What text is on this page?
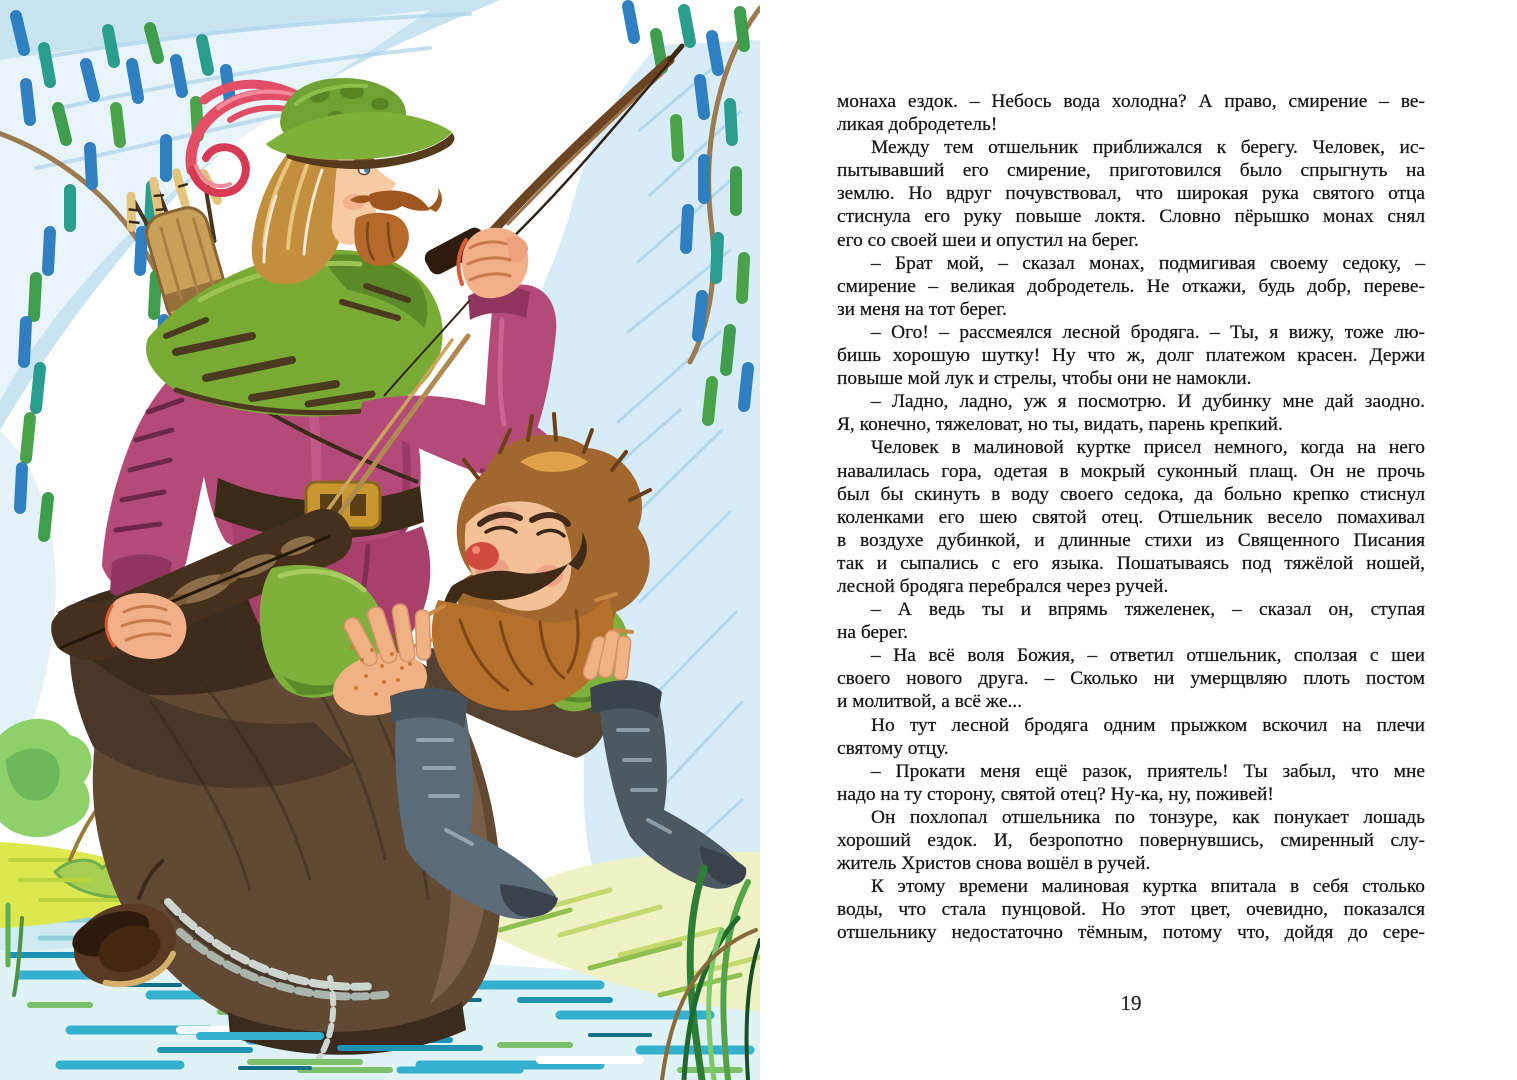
монаха ездок. – Небось вода холодна? А право, смирение – ве-
ликая добродетель!
Между тем отшельник приближался к берегу. Человек, ис-
пытывавший его смирение, приготовился было спрыгнуть на
землю. Но вдруг почувствовал, что широкая рука святого отца
стиснула его руку повыше локтя. Словно пёрышко монах снял
его со своей шеи и опустил на берег.
– Брат мой, – сказал монах, подмигивая своему седоку, –
смирение – великая добродетель. Не откажи, будь добр, переве-
зи меня на тот берег.
– Ого! – рассмеялся лесной бродяга. – Ты, я вижу, тоже лю-
бишь хорошую шутку! Ну что ж, долг платежом красен. Держи
повыше мой лук и стрелы, чтобы они не намокли.
– Ладно, ладно, уж я посмотрю. И дубинку мне дай заодно.
Я, конечно, тяжеловат, но ты, видать, парень крепкий.
Человек в малиновой куртке присел немного, когда на него
навалилась гора, одетая в мокрый суконный плащ. Он не прочь
был бы скинуть в воду своего седока, да больно крепко стиснул
коленками его шею святой отец. Отшельник весело помахивал
в воздухе дубинкой, и длинные стихи из Священного Писания
так и сыпались с его языка. Пошатываясь под тяжёлой ношей,
лесной бродяга перебрался через ручей.
– А ведь ты и впрямь тяжеленек, – сказал он, ступая
на берег.
– На всё воля Божия, – ответил отшельник, сползая с шеи
своего нового друга. – Сколько ни умерщвляю плоть постом
и молитвой, а всё же...
Но тут лесной бродяга одним прыжком вскочил на плечи
святому отцу.
– Прокати меня ещё разок, приятель! Ты забыл, что мне
надо на ту сторону, святой отец? Ну-ка, ну, поживей!
Он похлопал отшельника по тонзуре, как понукает лошадь
хороший ездок. И, безропотно повернувшись, смиренный слу-
житель Христов снова вошёл в ручей.
К этому времени малиновая куртка впитала в себя столько
воды, что стала пунцовой. Но этот цвет, очевидно, показался
отшельнику недостаточно тёмным, потому что, дойдя до сере-
19
